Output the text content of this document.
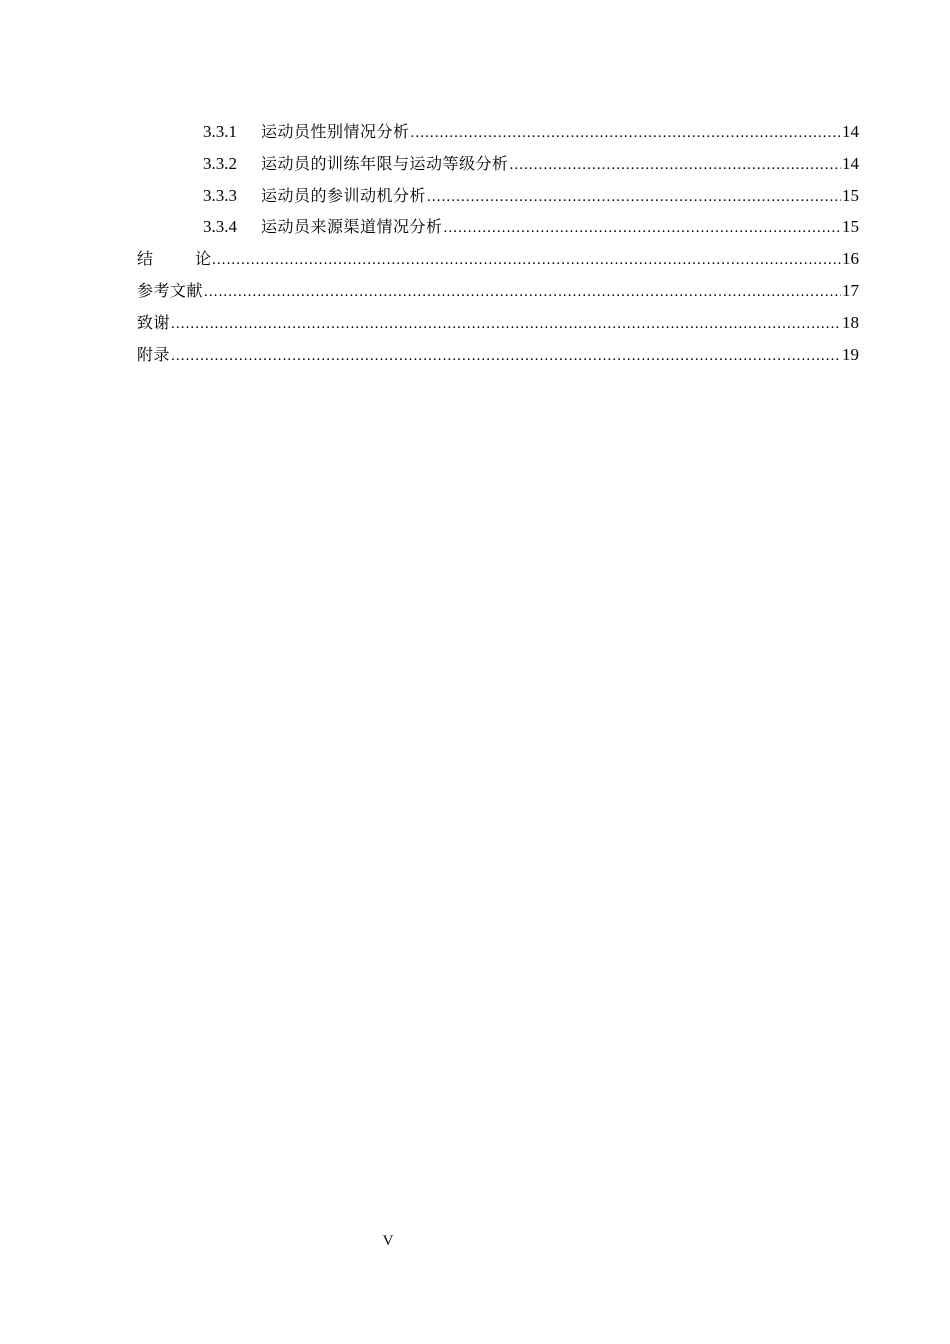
3.3.1	运动员性别情况分析 .....	14
3.3.2	运动员的训练年限与运动等级分析 .....	14
3.3.3	运动员的参训动机分析 .....	15
3.3.4	运动员来源渠道情况分析 .....	15
结论 .....	16
参考文献 .....	17
致谢 .....	18
附录 .....	19
V
